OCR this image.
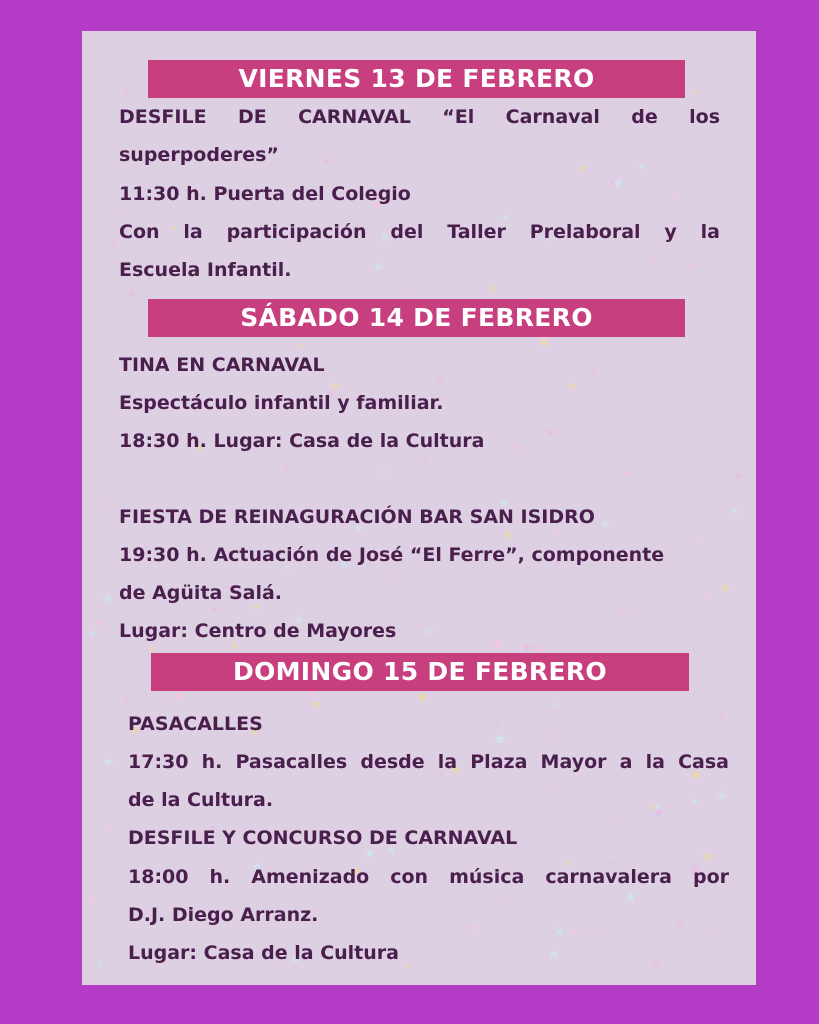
VIERNES 13 DE FEBRERO
DESFILE DE CARNAVAL “El Carnaval de los
superpoderes”
11:30 h. Puerta del Colegio
Con la participación del Taller Prelaboral y la
Escuela Infantil.
SÁBADO 14 DE FEBRERO
TINA EN CARNAVAL
Espectáculo infantil y familiar.
18:30 h. Lugar: Casa de la Cultura
FIESTA DE REINAGURACIÓN BAR SAN ISIDRO
19:30 h. Actuación de José “El Ferre”, componente
de Agüita Salá.
Lugar: Centro de Mayores
DOMINGO 15 DE FEBRERO
PASACALLES
17:30 h. Pasacalles desde la Plaza Mayor a la Casa
de la Cultura.
DESFILE Y CONCURSO DE CARNAVAL
18:00 h. Amenizado con música carnavalera por
D.J. Diego Arranz.
Lugar: Casa de la Cultura
